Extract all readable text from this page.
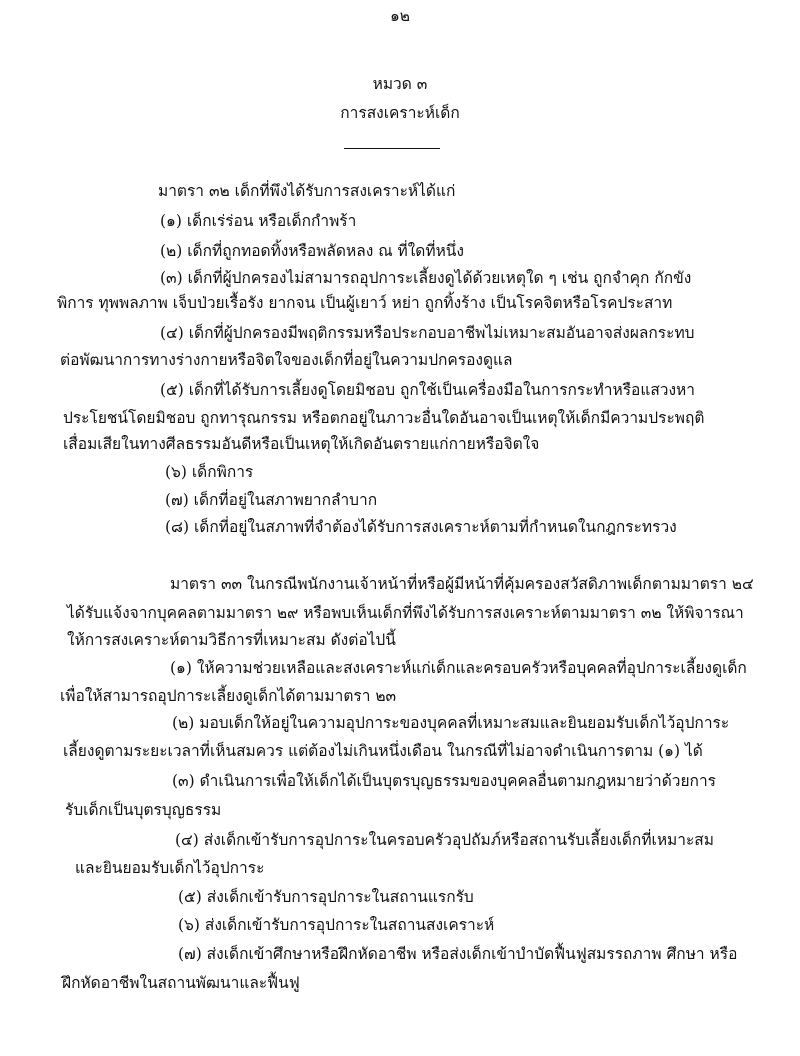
๑๒
หมวด ๓
การสงเคราะห์เด็ก
มาตรา ๓๒ เด็กที่พึงได้รับการสงเคราะห์ได้แก่
(๑) เด็กเร่ร่อน หรือเด็กกำพร้า
(๒) เด็กที่ถูกทอดทิ้งหรือพลัดหลง ณ ที่ใดที่หนึ่ง
(๓) เด็กที่ผู้ปกครองไม่สามารถอุปการะเลี้ยงดูได้ด้วยเหตุใด ๆ เช่น ถูกจำคุก กักขัง
พิการ ทุพพลภาพ เจ็บป่วยเรื้อรัง ยากจน เป็นผู้เยาว์ หย่า ถูกทิ้งร้าง เป็นโรคจิตหรือโรคประสาท
(๔) เด็กที่ผู้ปกครองมีพฤติกรรมหรือประกอบอาชีพไม่เหมาะสมอันอาจส่งผลกระทบ
ต่อพัฒนาการทางร่างกายหรือจิตใจของเด็กที่อยู่ในความปกครองดูแล
(๕) เด็กที่ได้รับการเลี้ยงดูโดยมิชอบ ถูกใช้เป็นเครื่องมือในการกระทำหรือแสวงหา
ประโยชน์โดยมิชอบ ถูกทารุณกรรม หรือตกอยู่ในภาวะอื่นใดอันอาจเป็นเหตุให้เด็กมีความประพฤติ
เสื่อมเสียในทางศีลธรรมอันดีหรือเป็นเหตุให้เกิดอันตรายแก่กายหรือจิตใจ
(๖) เด็กพิการ
(๗) เด็กที่อยู่ในสภาพยากลำบาก
(๘) เด็กที่อยู่ในสภาพที่จำต้องได้รับการสงเคราะห์ตามที่กำหนดในกฎกระทรวง
มาตรา ๓๓ ในกรณีพนักงานเจ้าหน้าที่หรือผู้มีหน้าที่คุ้มครองสวัสดิภาพเด็กตามมาตรา ๒๔
ได้รับแจ้งจากบุคคลตามมาตรา ๒๙ หรือพบเห็นเด็กที่พึงได้รับการสงเคราะห์ตามมาตรา ๓๒ ให้พิจารณา
ให้การสงเคราะห์ตามวิธีการที่เหมาะสม ดังต่อไปนี้
(๑) ให้ความช่วยเหลือและสงเคราะห์แก่เด็กและครอบครัวหรือบุคคลที่อุปการะเลี้ยงดูเด็ก
เพื่อให้สามารถอุปการะเลี้ยงดูเด็กได้ตามมาตรา ๒๓
(๒) มอบเด็กให้อยู่ในความอุปการะของบุคคลที่เหมาะสมและยินยอมรับเด็กไว้อุปการะ
เลี้ยงดูตามระยะเวลาที่เห็นสมควร แต่ต้องไม่เกินหนึ่งเดือน ในกรณีที่ไม่อาจดำเนินการตาม (๑) ได้
(๓) ดำเนินการเพื่อให้เด็กได้เป็นบุตรบุญธรรมของบุคคลอื่นตามกฎหมายว่าด้วยการ
รับเด็กเป็นบุตรบุญธรรม
(๔) ส่งเด็กเข้ารับการอุปการะในครอบครัวอุปถัมภ์หรือสถานรับเลี้ยงเด็กที่เหมาะสม
และยินยอมรับเด็กไว้อุปการะ
(๕) ส่งเด็กเข้ารับการอุปการะในสถานแรกรับ
(๖) ส่งเด็กเข้ารับการอุปการะในสถานสงเคราะห์
(๗) ส่งเด็กเข้าศึกษาหรือฝึกหัดอาชีพ หรือส่งเด็กเข้าบำบัดฟื้นฟูสมรรถภาพ ศึกษา หรือ
ฝึกหัดอาชีพในสถานพัฒนาและฟื้นฟู
